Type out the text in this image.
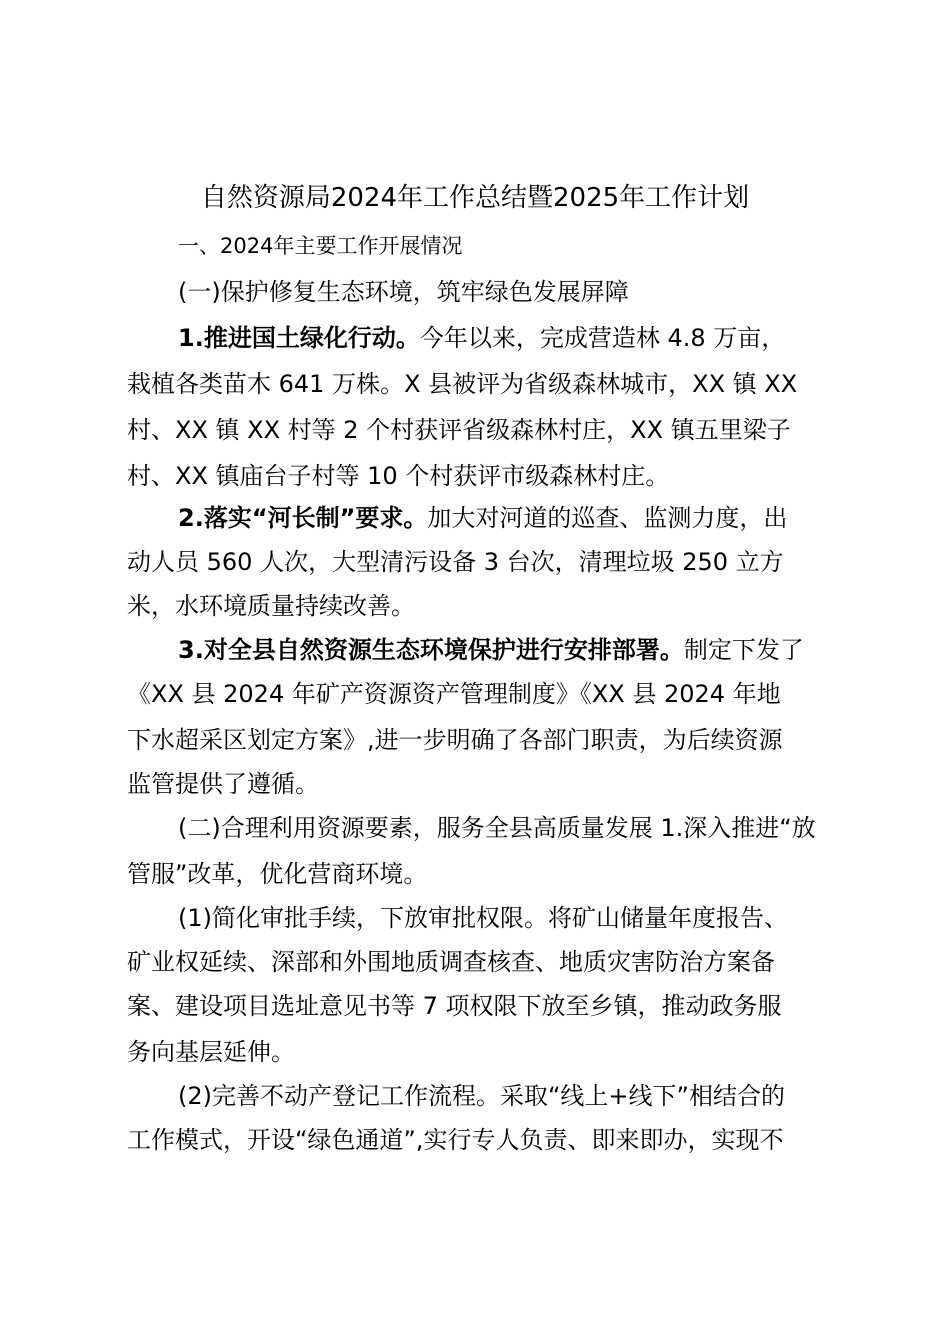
自然资源局2024年工作总结暨2025年工作计划
一、2024年主要工作开展情况
(一)保护修复生态环境，筑牢绿色发展屏障
1.推进国土绿化行动。今年以来，完成营造林 4.8 万亩，
栽植各类苗木 641 万株。X 县被评为省级森林城市，XX 镇 XX
村、XX 镇 XX 村等 2 个村获评省级森林村庄，XX 镇五里梁子
村、XX 镇庙台子村等 10 个村获评市级森林村庄。
2.落实“河长制”要求。加大对河道的巡查、监测力度，出
动人员 560 人次，大型清污设备 3 台次，清理垃圾 250 立方
米，水环境质量持续改善。
3.对全县自然资源生态环境保护进行安排部署。制定下发了
《XX 县 2024 年矿产资源资产管理制度》《XX 县 2024 年地
下水超采区划定方案》,进一步明确了各部门职责，为后续资源
监管提供了遵循。
(二)合理利用资源要素，服务全县高质量发展 1.深入推进“放
管服”改革，优化营商环境。
(1)简化审批手续，下放审批权限。将矿山储量年度报告、
矿业权延续、深部和外围地质调查核查、地质灾害防治方案备
案、建设项目选址意见书等 7 项权限下放至乡镇，推动政务服
务向基层延伸。
(2)完善不动产登记工作流程。采取“线上+线下”相结合的
工作模式，开设“绿色通道”,实行专人负责、即来即办，实现不
